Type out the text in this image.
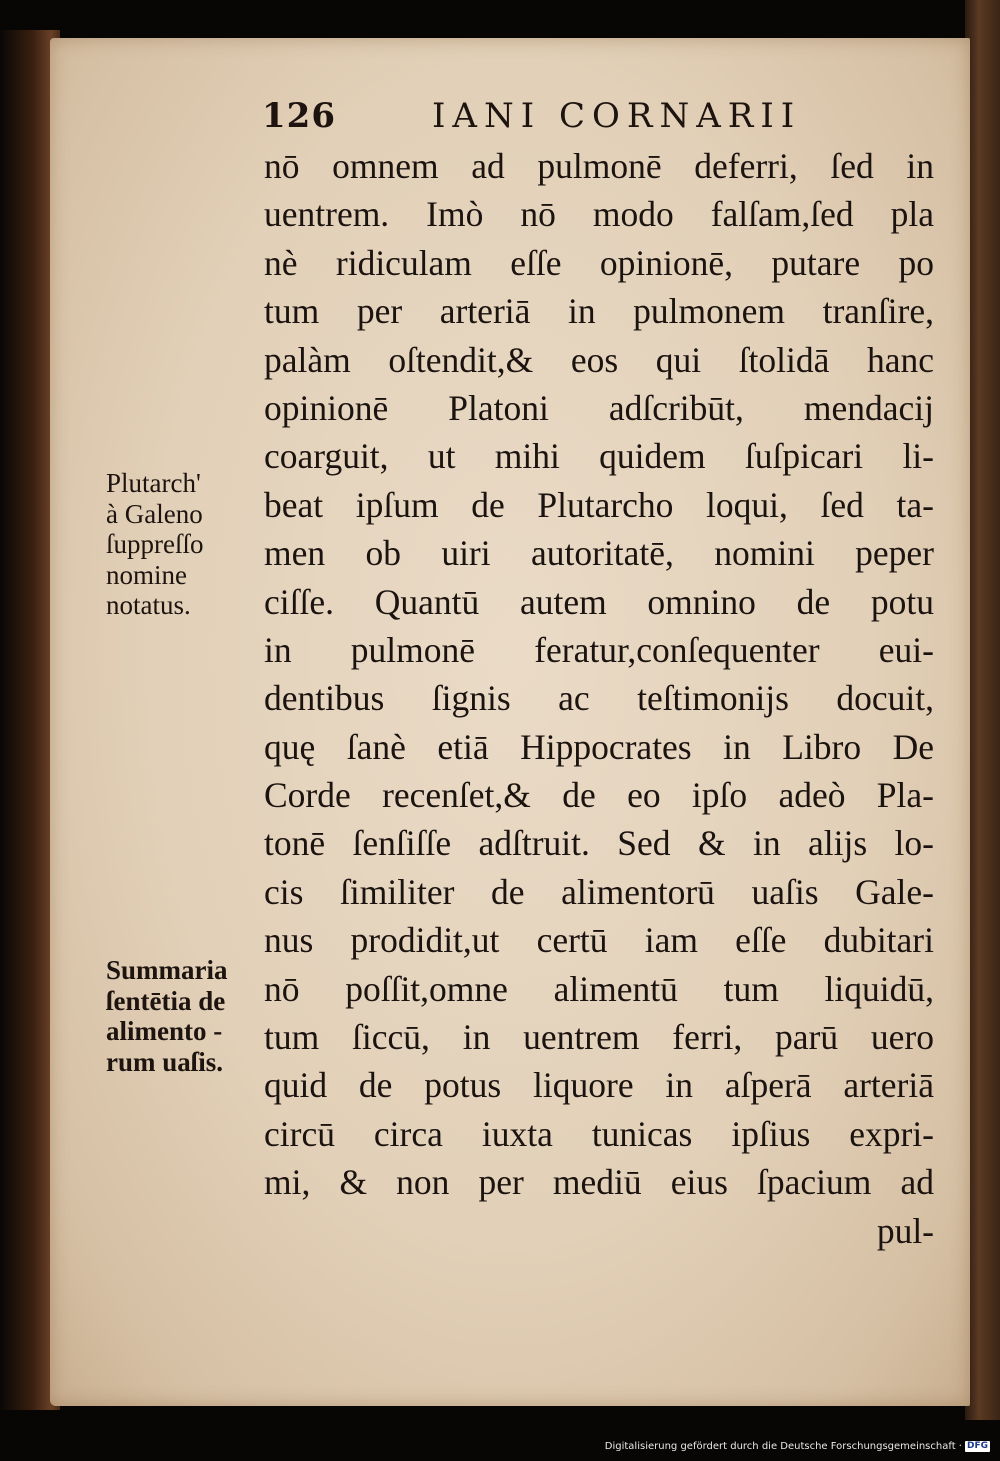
126	IANI CORNARII
Plutarch'
à Galeno
ſuppreſſo
nomine
notatus.
Summaria
ſentētia de
alimento -
rum uaſis.
nō omnem ad pulmonē deferri, ſed in
uentrem. Imò nō modo falſam,ſed pla
nè ridiculam eſſe opinionē, putare po
tum per arteriā in pulmonem tranſire,
palàm oſtendit,& eos qui ſtolidā hanc
opinionē Platoni adſcribūt, mendacij
coarguit, ut mihi quidem ſuſpicari li-
beat ipſum de Plutarcho loqui, ſed ta-
men ob uiri autoritatē, nomini peper
ciſſe. Quantū autem omnino de potu
in pulmonē feratur,conſequenter eui-
dentibus ſignis ac teſtimonijs docuit,
quę ſanè etiā Hippocrates in Libro De
Corde recenſet,& de eo ipſo adeò Pla-
tonē ſenſiſſe adſtruit. Sed & in alijs lo-
cis ſimiliter de alimentorū uaſis Gale-
nus prodidit,ut certū iam eſſe dubitari
nō poſſit,omne alimentū tum liquidū,
tum ſiccū, in uentrem ferri, parū uero
quid de potus liquore in aſperā arteriā
circū circa iuxta tunicas ipſius expri-
mi, & non per mediū eius ſpacium ad
pul-
Digitalisierung gefördert durch die Deutsche Forschungsgemeinschaft · DFG
